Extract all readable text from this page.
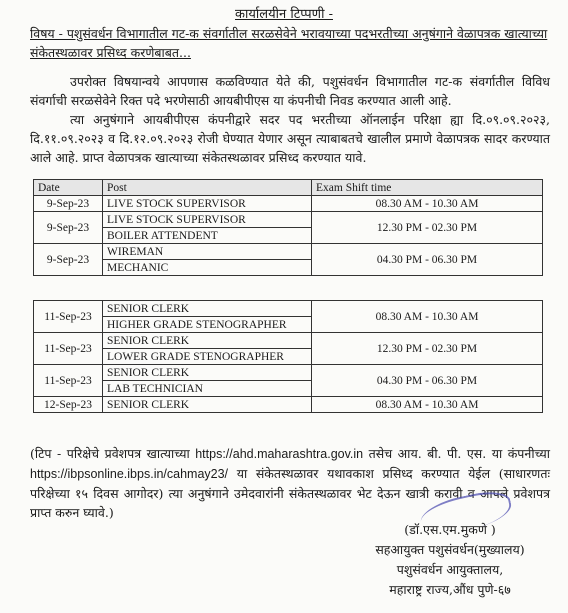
कार्यालयीन टिप्पणी -
विषय - पशुसंवर्धन विभागातील गट-क संवर्गातील सरळसेवेने भरावयाच्या पदभरतीच्या अनुषंगाने वेळापत्रक खात्याच्या संकेतस्थळावर प्रसिध्द करणेबाबत...

उपरोक्त विषयान्वये आपणास कळविण्यात येते की, पशुसंवर्धन विभागातील गट-क संवर्गातील विविध संवर्गाची सरळसेवेने रिक्त पदे भरणेसाठी आयबीपीएस या कंपनीची निवड करण्यात आली आहे.

त्या अनुषंगाने आयबीपीएस कंपनीद्वारे सदर पद भरतीच्या ऑनलाईन परिक्षा ह्या दि.०९.०९.२०२३, दि.११.०९.२०२३ व दि.१२.०९.२०२३ रोजी घेण्यात येणार असून त्याबाबतचे खालील प्रमाणे वेळापत्रक सादर करण्यात आले आहे. प्राप्त वेळापत्रक खात्याच्या संकेतस्थळावर प्रसिध्द करण्यात यावे.

Date	Post	Exam Shift time
9-Sep-23	LIVE STOCK SUPERVISOR	08.30 AM - 10.30 AM
9-Sep-23	LIVE STOCK SUPERVISOR	12.30 PM - 02.30 PM
	BOILER ATTENDENT	
9-Sep-23	WIREMAN	04.30 PM - 06.30 PM
	MECHANIC	
11-Sep-23	SENIOR CLERK	08.30 AM - 10.30 AM
	HIGHER GRADE STENOGRAPHER	
11-Sep-23	SENIOR CLERK	12.30 PM - 02.30 PM
	LOWER GRADE STENOGRAPHER	
11-Sep-23	SENIOR CLERK	04.30 PM - 06.30 PM
	LAB TECHNICIAN	
12-Sep-23	SENIOR CLERK	08.30 AM - 10.30 AM
(टिप - परिक्षेचे प्रवेशपत्र खात्याच्या https://ahd.maharashtra.gov.in तसेच आय. बी. पी. एस. या कंपनीच्या https://ibpsonline.ibps.in/cahmay23/ या संकेतस्थळावर यथावकाश प्रसिध्द करण्यात येईल (साधारणतः परिक्षेच्या १५ दिवस आगोदर) त्या अनुषंगाने उमेदवारांनी संकेतस्थळावर भेट देऊन खात्री करावी व आपले प्रवेशपत्र प्राप्त करुन घ्यावे.)
(डॉ.एस.एम.मुकणे )
सहआयुक्त पशुसंवर्धन(मुख्यालय)
पशुसंवर्धन आयुक्तालय,
महाराष्ट्र राज्य,औंध पुणे-६७
